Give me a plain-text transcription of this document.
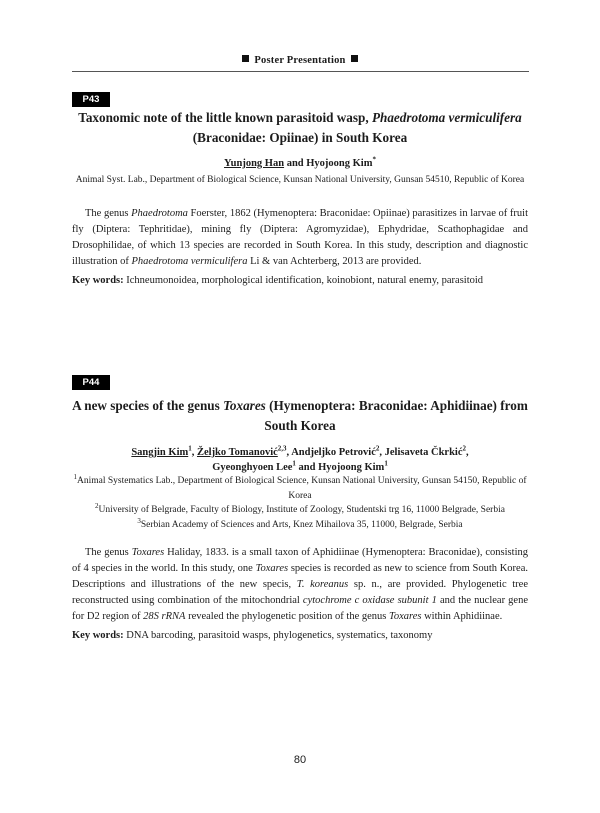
Poster Presentation
P43
Taxonomic note of the little known parasitoid wasp, Phaedrotoma vermiculifera
(Braconidae: Opiinae) in South Korea
Yunjong Han and Hyojoong Kim*
Animal Syst. Lab., Department of Biological Science, Kunsan National University, Gunsan 54510, Republic of Korea

The genus Phaedrotoma Foerster, 1862 (Hymenoptera: Braconidae: Opiinae) parasitizes in larvae of fruit fly (Diptera: Tephritidae), mining fly (Diptera: Agromyzidae), Ephydridae, Scathophagidae and Drosophilidae, of which 13 species are recorded in South Korea. In this study, description and diagnostic illustration of Phaedrotoma vermiculifera Li & van Achterberg, 2013 are provided.

Key words: Ichneumonoidea, morphological identification, koinobiont, natural enemy, parasitoid
P44
A new species of the genus Toxares (Hymenoptera: Braconidae: Aphidiinae) from South Korea
Sangjin Kim$^1$, Željko Tomanović$^{2,3}$, Andjeljko Petrović$^2$, Jelisaveta Čkrkić$^2$,
Gyeonghyoen Lee$^1$ and Hyojoong Kim$^1$
$^1$Animal Systematics Lab., Department of Biological Science, Kunsan National University, Gunsan 54150, Republic of Korea
$^2$University of Belgrade, Faculty of Biology, Institute of Zoology, Studentski trg 16, 11000 Belgrade, Serbia
$^3$Serbian Academy of Sciences and Arts, Knez Mihailova 35, 11000, Belgrade, Serbia

The genus Toxares Haliday, 1833. is a small taxon of Aphidiinae (Hymenoptera: Braconidae), consisting of 4 species in the world. In this study, one Toxares species is recorded as new to science from South Korea. Descriptions and illustrations of the new specis, T. koreanus sp. n., are provided. Phylogenetic tree reconstructed using combination of the mitochondrial cytochrome c oxidase subunit 1 and the nuclear gene for D2 region of 28S rRNA revealed the phylogenetic position of the genus Toxares within Aphidiinae.

Key words: DNA barcoding, parasitoid wasps, phylogenetics, systematics, taxonomy
80
